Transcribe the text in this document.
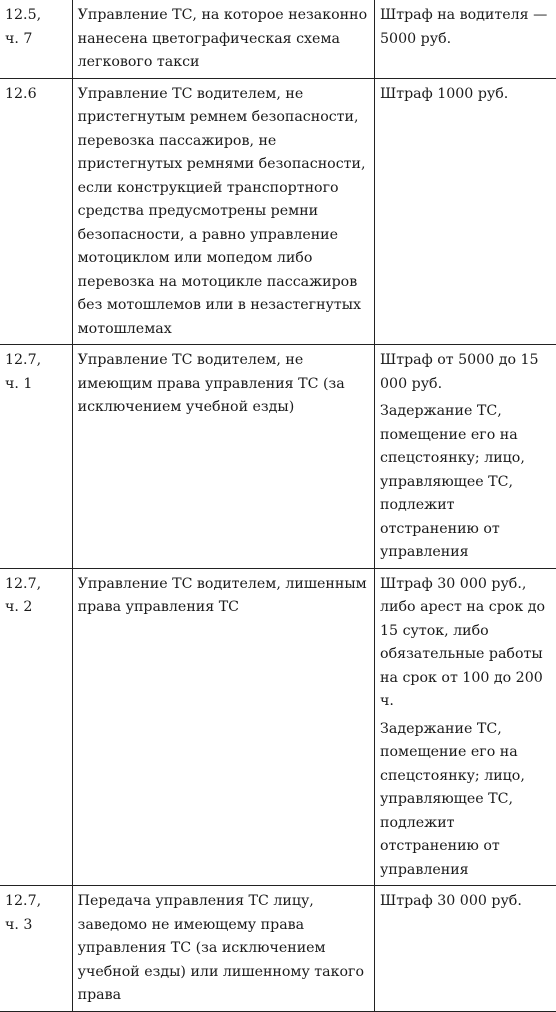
12.5,
ч. 7	Управление ТС, на которое незаконно нанесена цветографическая схема легкового такси	Штраф на водителя — 5000 руб.

12.6	Управление ТС водителем, не пристегнутым ремнем безопасности, перевозка пассажиров, не пристегнутых ремнями безопасности, если конструкцией транспортного средства предусмотрены ремни безопасности, а равно управление мотоциклом или мопедом либо перевозка на мотоцикле пассажиров без мотошлемов или в незастегнутых мотошлемах	Штраф 1000 руб.

12.7,
ч. 1	Управление ТС водителем, не имеющим права управления ТС (за исключением учебной езды)	Штраф от 5000 до 15 000 руб.
Задержание ТС, помещение его на спецстоянку; лицо, управляющее ТС, подлежит отстранению от управления

12.7,
ч. 2	Управление ТС водителем, лишенным права управления ТС	Штраф 30 000 руб., либо арест на срок до 15 суток, либо обязательные работы на срок от 100 до 200 ч.
Задержание ТС, помещение его на спецстоянку; лицо, управляющее ТС, подлежит отстранению от управления

12.7,
ч. 3	Передача управления ТС лицу, заведомо не имеющему права управления ТС (за исключением учебной езды) или лишенному такого права	Штраф 30 000 руб.
